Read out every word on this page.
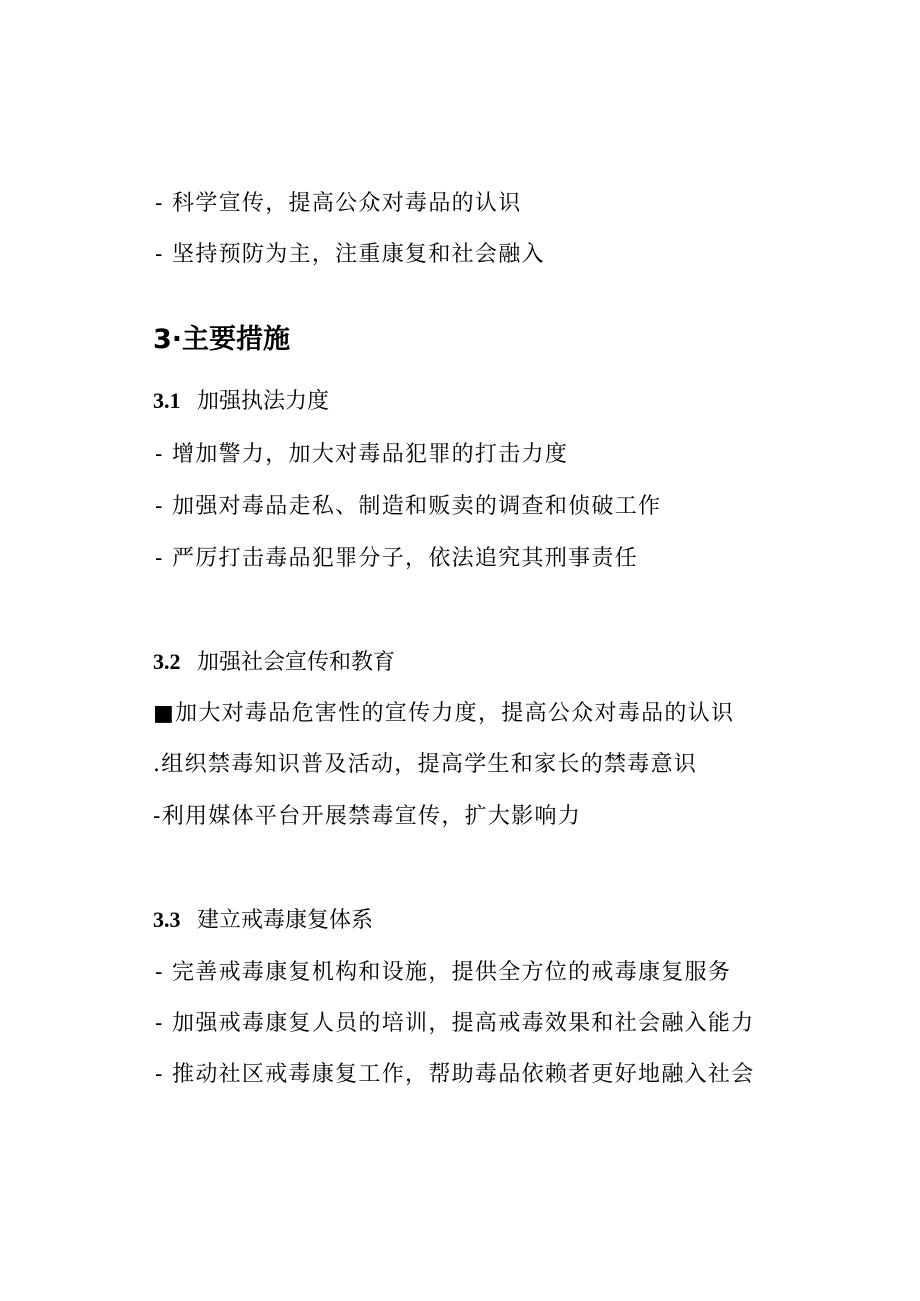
- 科学宣传，提高公众对毒品的认识
- 坚持预防为主，注重康复和社会融入
3·主要措施
3.1 加强执法力度
- 增加警力，加大对毒品犯罪的打击力度
- 加强对毒品走私、制造和贩卖的调查和侦破工作
- 严厉打击毒品犯罪分子，依法追究其刑事责任
3.2 加强社会宣传和教育
■加大对毒品危害性的宣传力度，提高公众对毒品的认识
.组织禁毒知识普及活动，提高学生和家长的禁毒意识
-利用媒体平台开展禁毒宣传，扩大影响力
3.3 建立戒毒康复体系
- 完善戒毒康复机构和设施，提供全方位的戒毒康复服务
- 加强戒毒康复人员的培训，提高戒毒效果和社会融入能力
- 推动社区戒毒康复工作，帮助毒品依赖者更好地融入社会
